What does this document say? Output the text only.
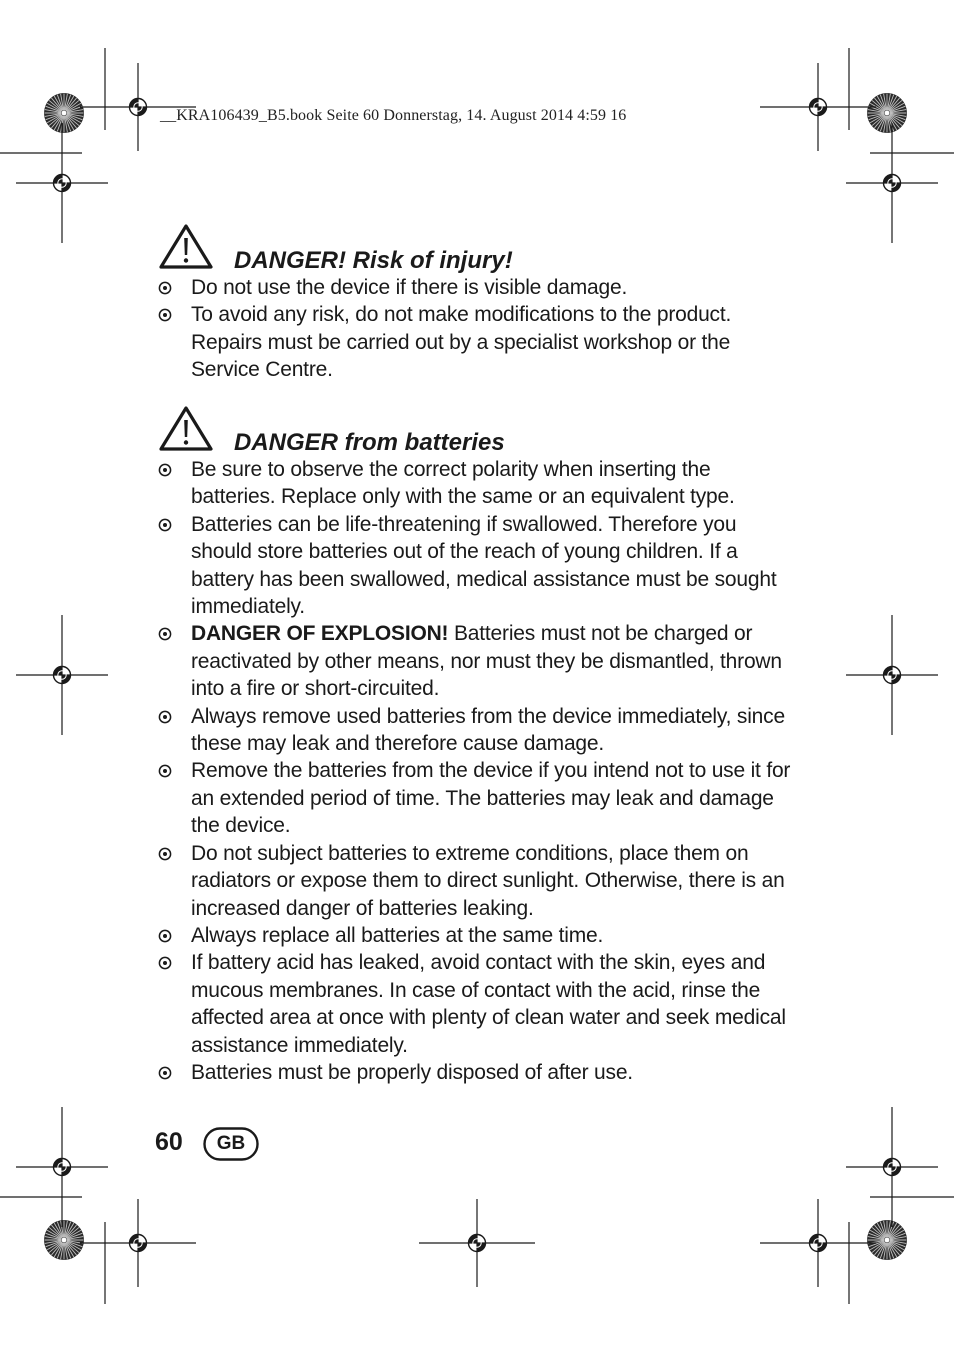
__KRA106439_B5.book Seite 60 Donnerstag, 14. August 2014 4:59 16
DANGER! Risk of injury!
Do not use the device if there is visible damage.
To avoid any risk, do not make modifications to the product. Repairs must be carried out by a specialist workshop or the Service Centre.
DANGER from batteries
Be sure to observe the correct polarity when inserting the batteries. Replace only with the same or an equivalent type.
Batteries can be life-threatening if swallowed. Therefore you should store batteries out of the reach of young children. If a battery has been swallowed, medical assistance must be sought immediately.
DANGER OF EXPLOSION! Batteries must not be charged or reactivated by other means, nor must they be dismantled, thrown into a fire or short-circuited.
Always remove used batteries from the device immediately, since these may leak and therefore cause damage.
Remove the batteries from the device if you intend not to use it for an extended period of time. The batteries may leak and damage the device.
Do not subject batteries to extreme conditions, place them on radiators or expose them to direct sunlight. Otherwise, there is an increased danger of batteries leaking.
Always replace all batteries at the same time.
If battery acid has leaked, avoid contact with the skin, eyes and mucous membranes. In case of contact with the acid, rinse the affected area at once with plenty of clean water and seek medical assistance immediately.
Batteries must be properly disposed of after use.
60	GB
